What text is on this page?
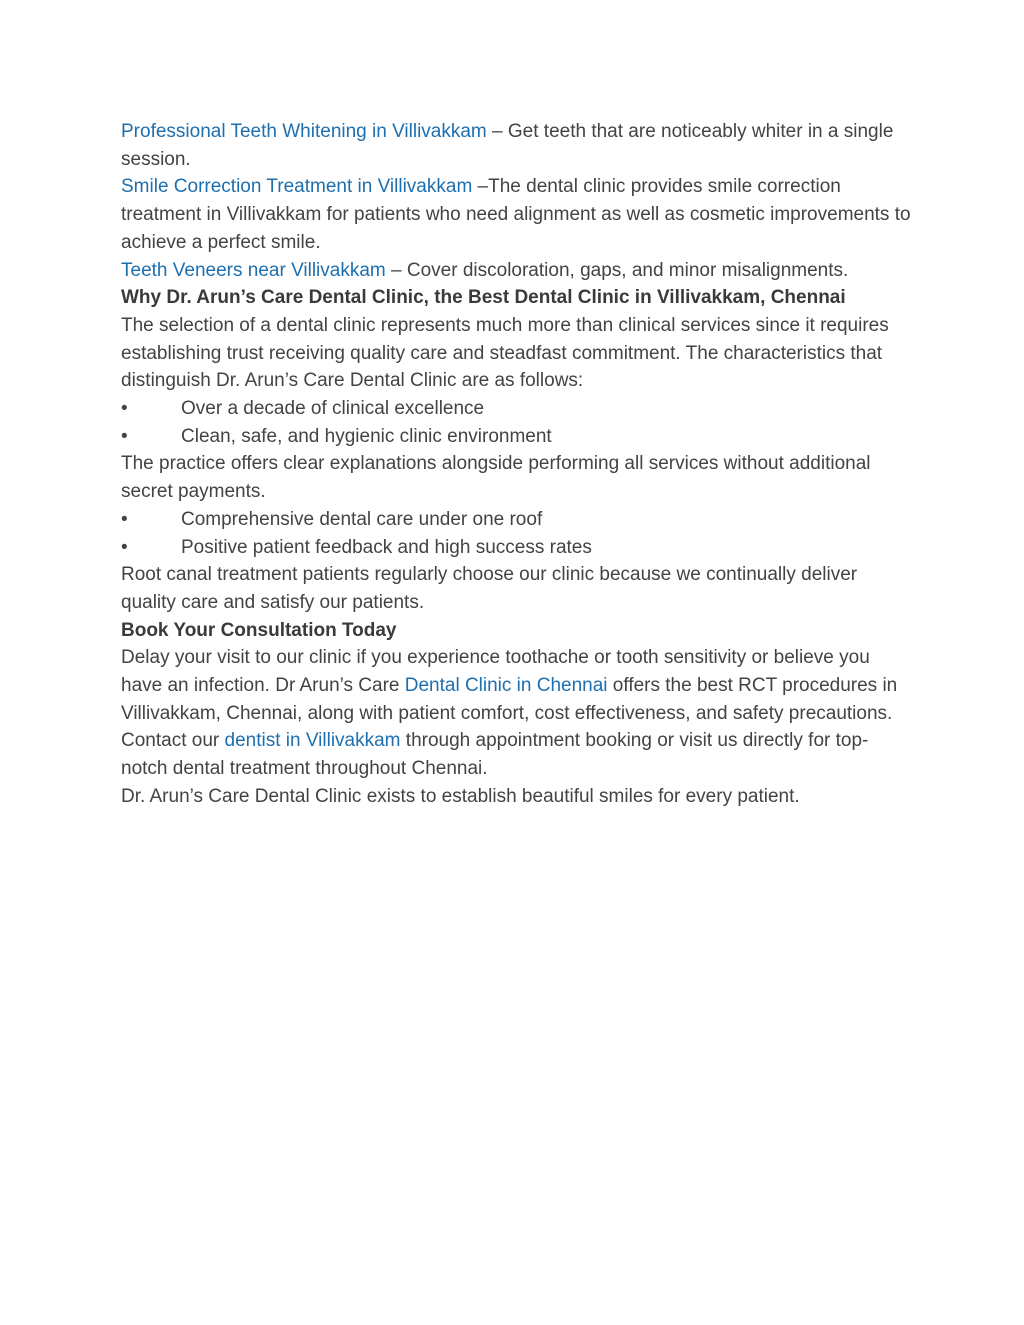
Professional Teeth Whitening in Villivakkam – Get teeth that are noticeably whiter in a single session.

Smile Correction Treatment in Villivakkam –The dental clinic provides smile correction treatment in Villivakkam for patients who need alignment as well as cosmetic improvements to achieve a perfect smile.

Teeth Veneers near Villivakkam – Cover discoloration, gaps, and minor misalignments.

Why Dr. Arun’s Care Dental Clinic, the Best Dental Clinic in Villivakkam, Chennai

The selection of a dental clinic represents much more than clinical services since it requires establishing trust receiving quality care and steadfast commitment. The characteristics that distinguish Dr. Arun’s Care Dental Clinic are as follows:

•	Over a decade of clinical excellence
•	Clean, safe, and hygienic clinic environment

The practice offers clear explanations alongside performing all services without additional secret payments.

•	Comprehensive dental care under one roof
•	Positive patient feedback and high success rates

Root canal treatment patients regularly choose our clinic because we continually deliver quality care and satisfy our patients.

Book Your Consultation Today

Delay your visit to our clinic if you experience toothache or tooth sensitivity or believe you have an infection. Dr Arun’s Care Dental Clinic in Chennai offers the best RCT procedures in Villivakkam, Chennai, along with patient comfort, cost effectiveness, and safety precautions.

Contact our dentist in Villivakkam through appointment booking or visit us directly for top-notch dental treatment throughout Chennai.

Dr. Arun’s Care Dental Clinic exists to establish beautiful smiles for every patient.
